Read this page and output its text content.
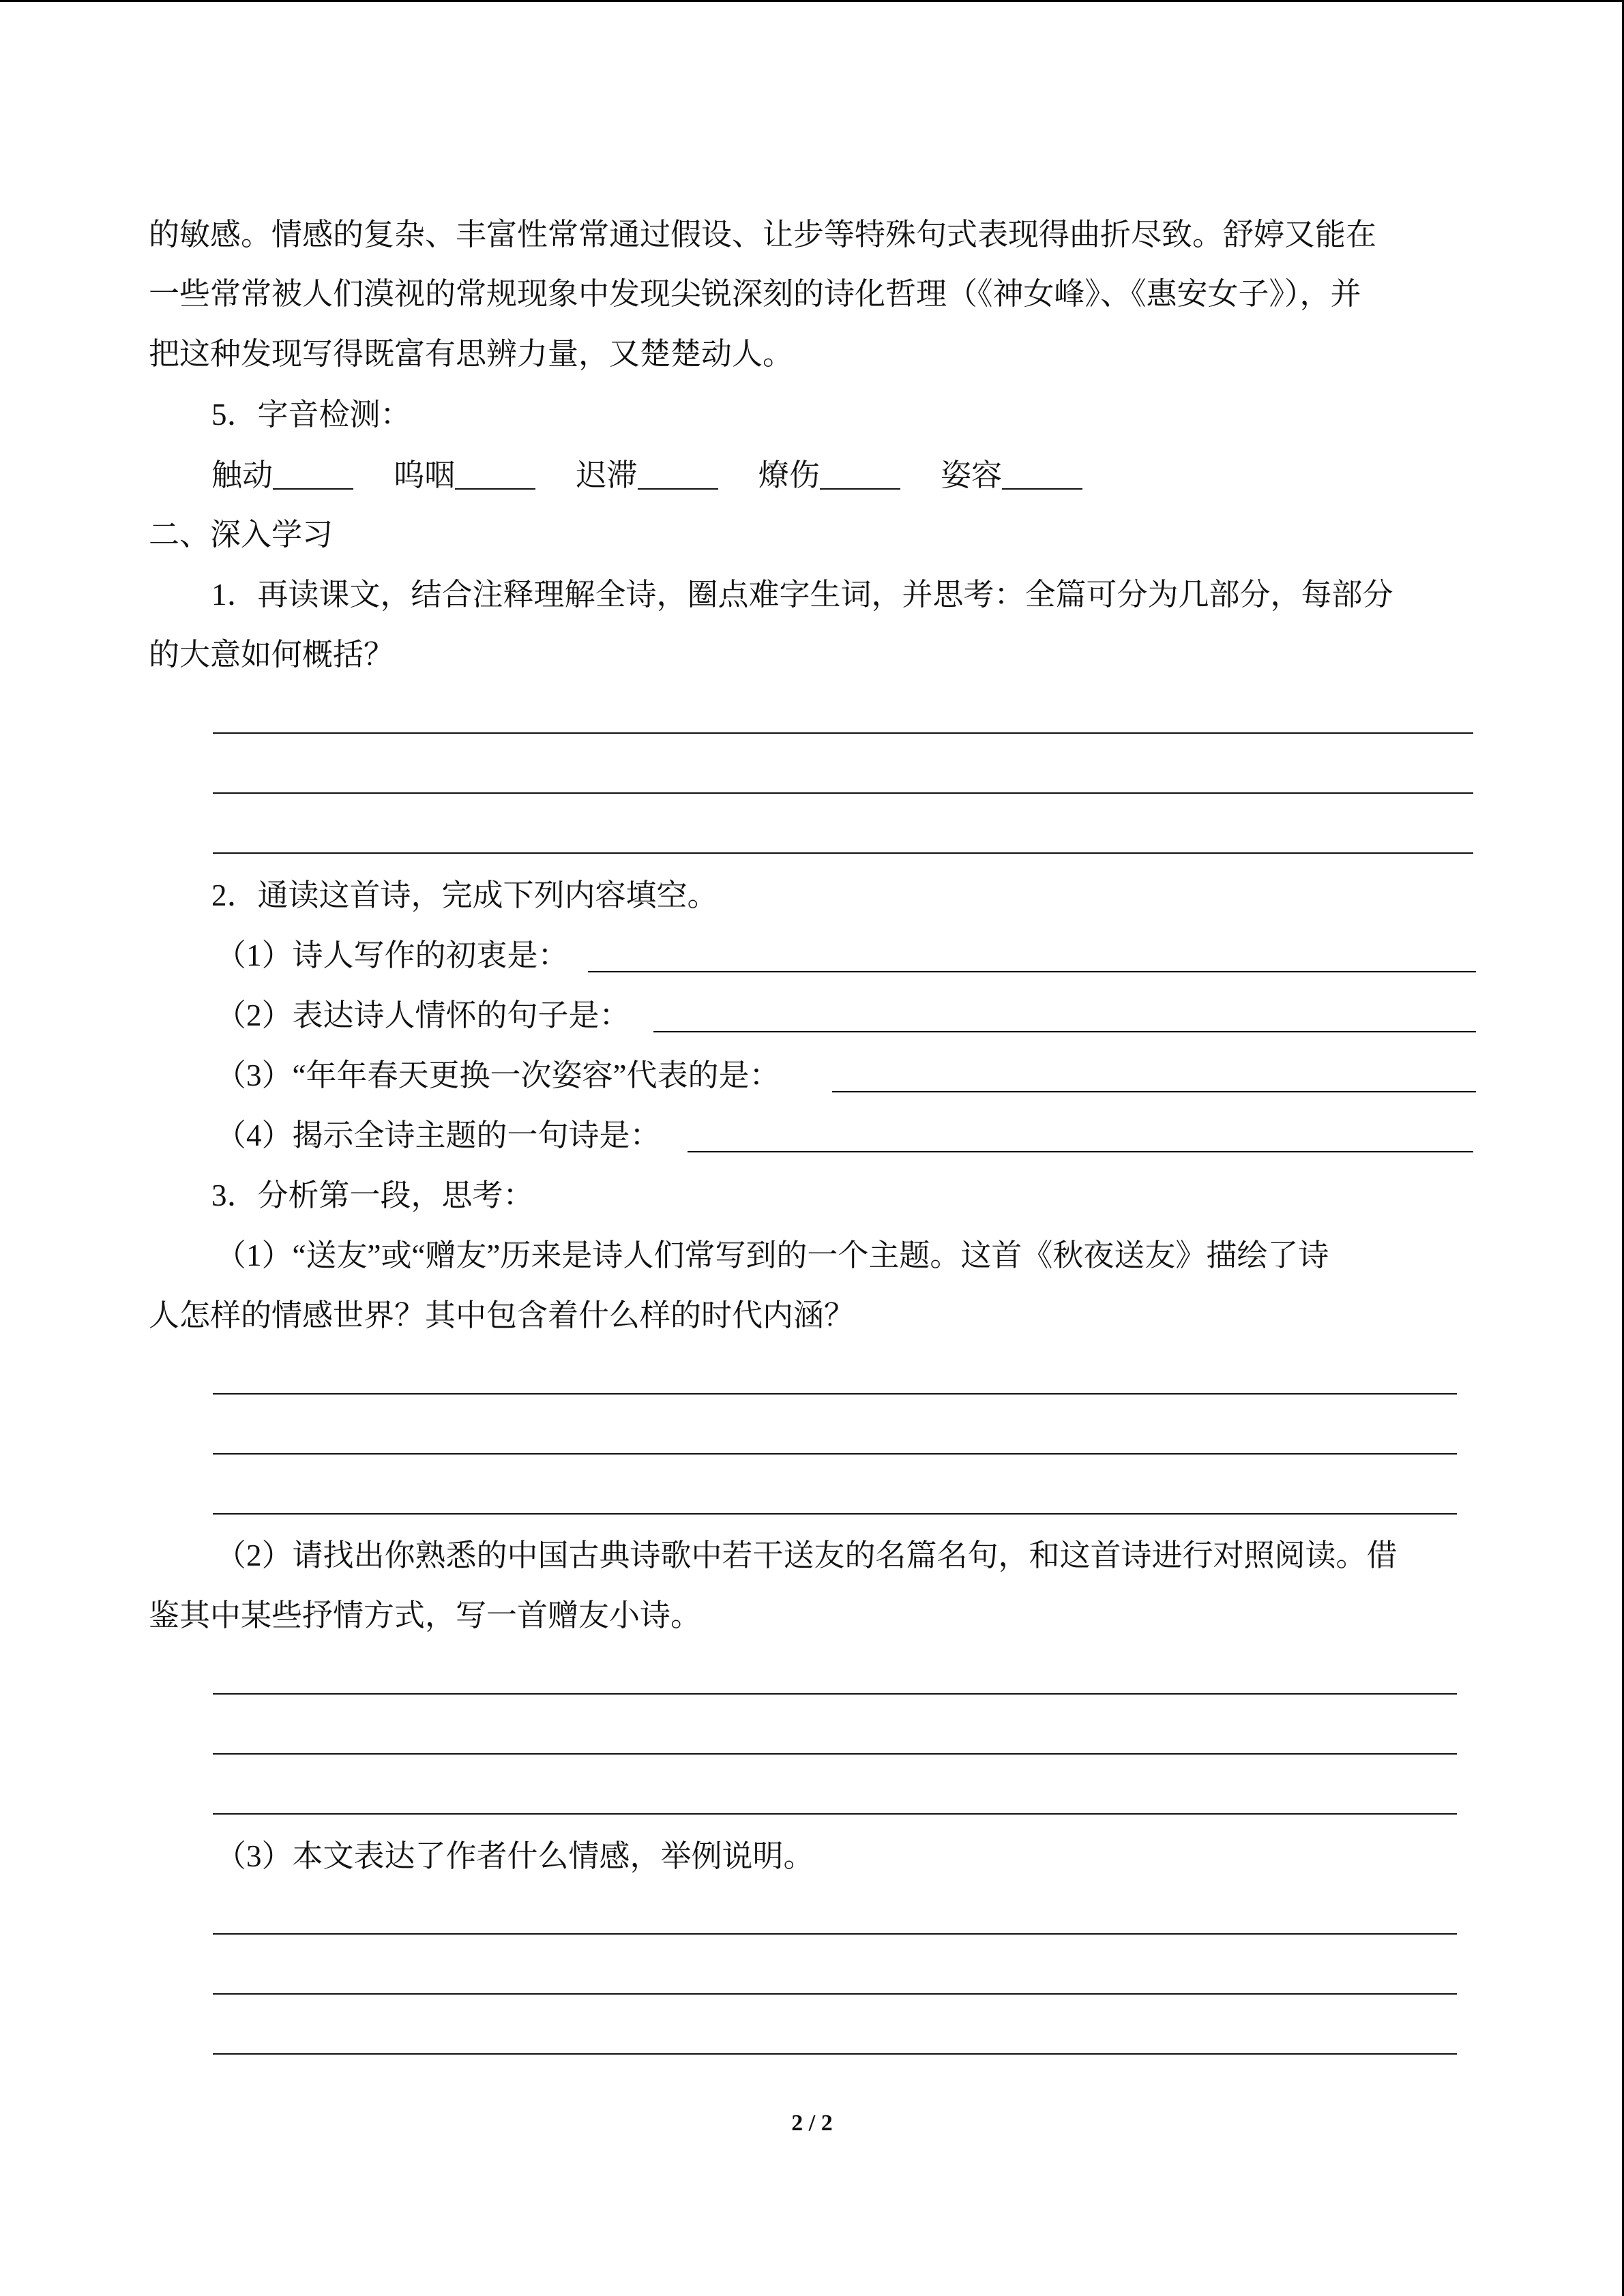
的敏感。情感的复杂、丰富性常常通过假设、让步等特殊句式表现得曲折尽致。舒婷又能在
一些常常被人们漠视的常规现象中发现尖锐深刻的诗化哲理（《神女峰》、《惠安女子》），并
把这种发现写得既富有思辨力量，又楚楚动人。
5．字音检测：
触动	呜咽	迟滞	燎伤	姿容
二、深入学习
1．再读课文，结合注释理解全诗，圈点难字生词，并思考：全篇可分为几部分，每部分
的大意如何概括？
2．通读这首诗，完成下列内容填空。
（1）诗人写作的初衷是：
（2）表达诗人情怀的句子是：
（3）“年年春天更换一次姿容”代表的是：
（4）揭示全诗主题的一句诗是：
3．分析第一段，思考：
（1）“送友”或“赠友”历来是诗人们常写到的一个主题。这首《秋夜送友》描绘了诗
人怎样的情感世界？其中包含着什么样的时代内涵？
（2）请找出你熟悉的中国古典诗歌中若干送友的名篇名句，和这首诗进行对照阅读。借
鉴其中某些抒情方式，写一首赠友小诗。
（3）本文表达了作者什么情感，举例说明。
2 / 2
